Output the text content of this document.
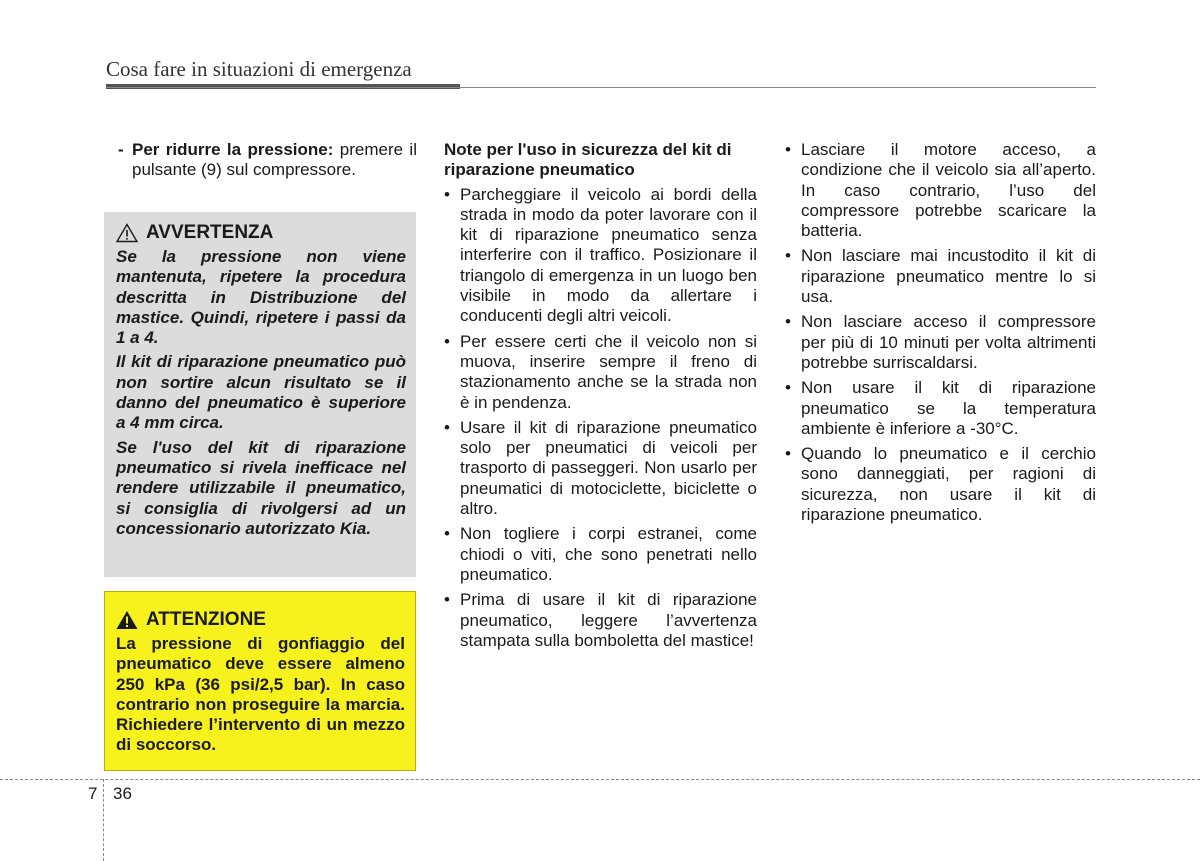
Cosa fare in situazioni di emergenza

- Per ridurre la pressione: premere il pulsante (9) sul compressore.

AVVERTENZA

Se la pressione non viene mantenuta, ripetere la procedura descritta in Distribuzione del mastice. Quindi, ripetere i passi da 1 a 4.

Il kit di riparazione pneumatico può non sortire alcun risultato se il danno del pneumatico è superiore a 4 mm circa.

Se l'uso del kit di riparazione pneumatico si rivela inefficace nel rendere utilizzabile il pneumatico, si consiglia di rivolgersi ad un concessionario autorizzato Kia.

ATTENZIONE

La pressione di gonfiaggio del pneumatico deve essere almeno 250 kPa (36 psi/2,5 bar). In caso contrario non proseguire la marcia. Richiedere l’intervento di un mezzo di soccorso.

Note per l'uso in sicurezza del kit di riparazione pneumatico

• Parcheggiare il veicolo ai bordi della strada in modo da poter lavorare con il kit di riparazione pneumatico senza interferire con il traffico. Posizionare il triangolo di emergenza in un luogo ben visibile in modo da allertare i conducenti degli altri veicoli.
• Per essere certi che il veicolo non si muova, inserire sempre il freno di stazionamento anche se la strada non è in pendenza.
• Usare il kit di riparazione pneumatico solo per pneumatici di veicoli per trasporto di passeggeri. Non usarlo per pneumatici di motociclette, biciclette o altro.
• Non togliere i corpi estranei, come chiodi o viti, che sono penetrati nello pneumatico.
• Prima di usare il kit di riparazione pneumatico, leggere l’avvertenza stampata sulla bomboletta del mastice!
• Lasciare il motore acceso, a condizione che il veicolo sia all’aperto. In caso contrario, l’uso del compressore potrebbe scaricare la batteria.
• Non lasciare mai incustodito il kit di riparazione pneumatico mentre lo si usa.
• Non lasciare acceso il compressore per più di 10 minuti per volta altrimenti potrebbe surriscaldarsi.
• Non usare il kit di riparazione pneumatico se la temperatura ambiente è inferiore a -30°C.
• Quando lo pneumatico e il cerchio sono danneggiati, per ragioni di sicurezza, non usare il kit di riparazione pneumatico.
7 36
